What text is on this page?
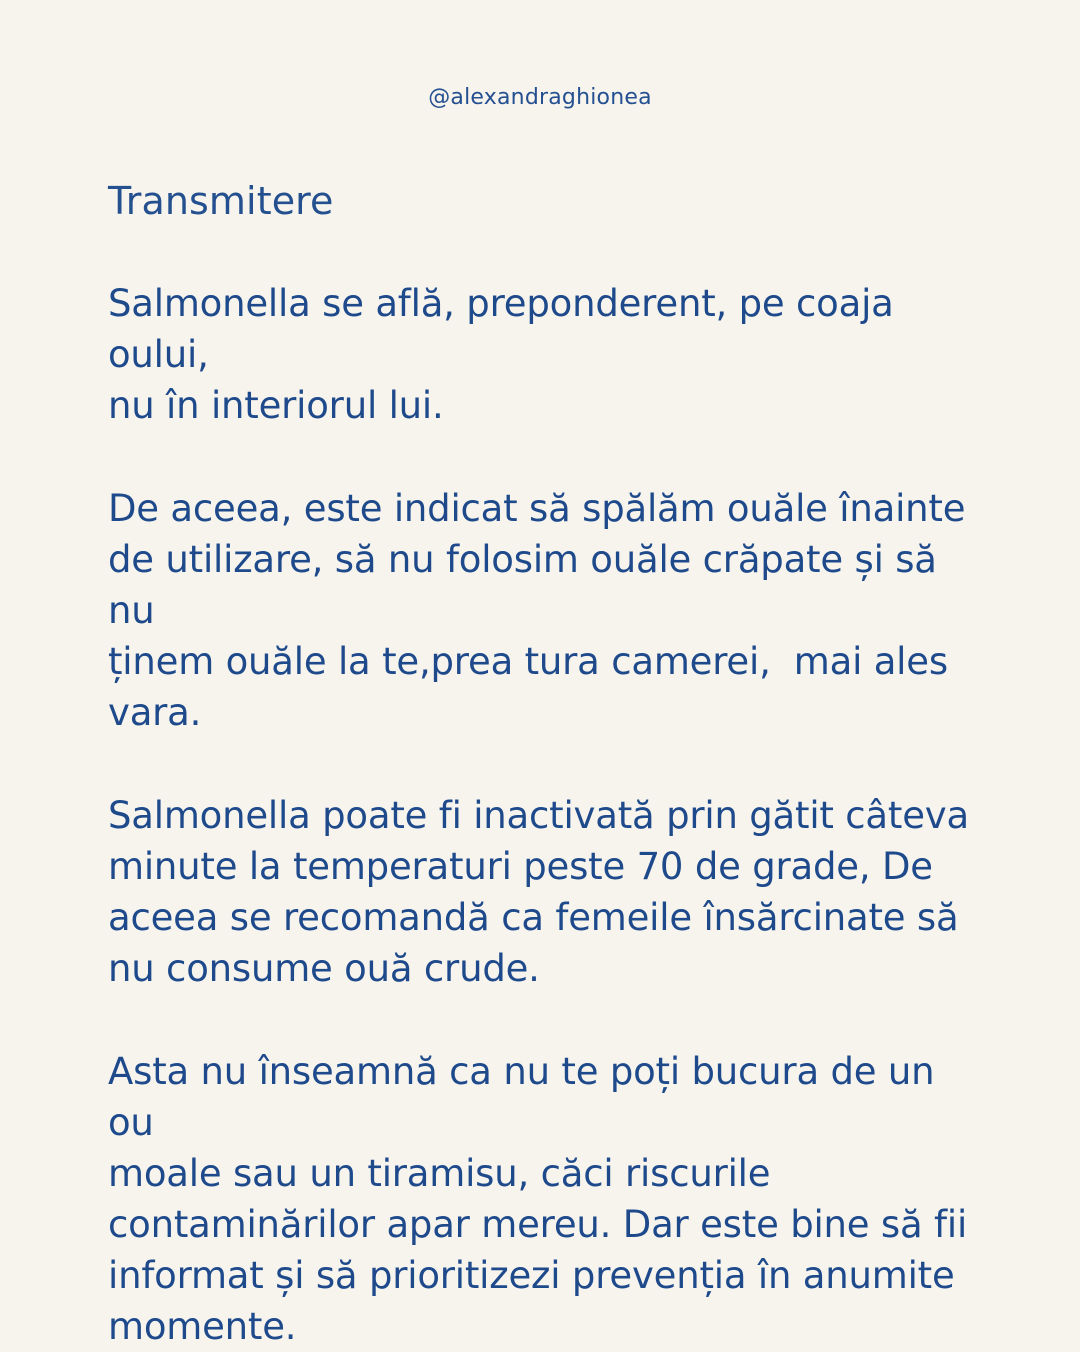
@alexandraghionea
Transmitere

Salmonella se află, preponderent, pe coaja oului,
nu în interiorul lui.

De aceea, este indicat să spălăm ouăle înainte
de utilizare, să nu folosim ouăle crăpate și să nu
ținem ouăle la te,prea tura camerei,  mai ales
vara.

Salmonella poate fi inactivată prin gătit câteva
minute la temperaturi peste 70 de grade, De
aceea se recomandă ca femeile însărcinate să
nu consume ouă crude.

Asta nu înseamnă ca nu te poți bucura de un ou
moale sau un tiramisu, căci riscurile
contaminărilor apar mereu. Dar este bine să fii
informat și să prioritizezi prevenția în anumite
momente.
